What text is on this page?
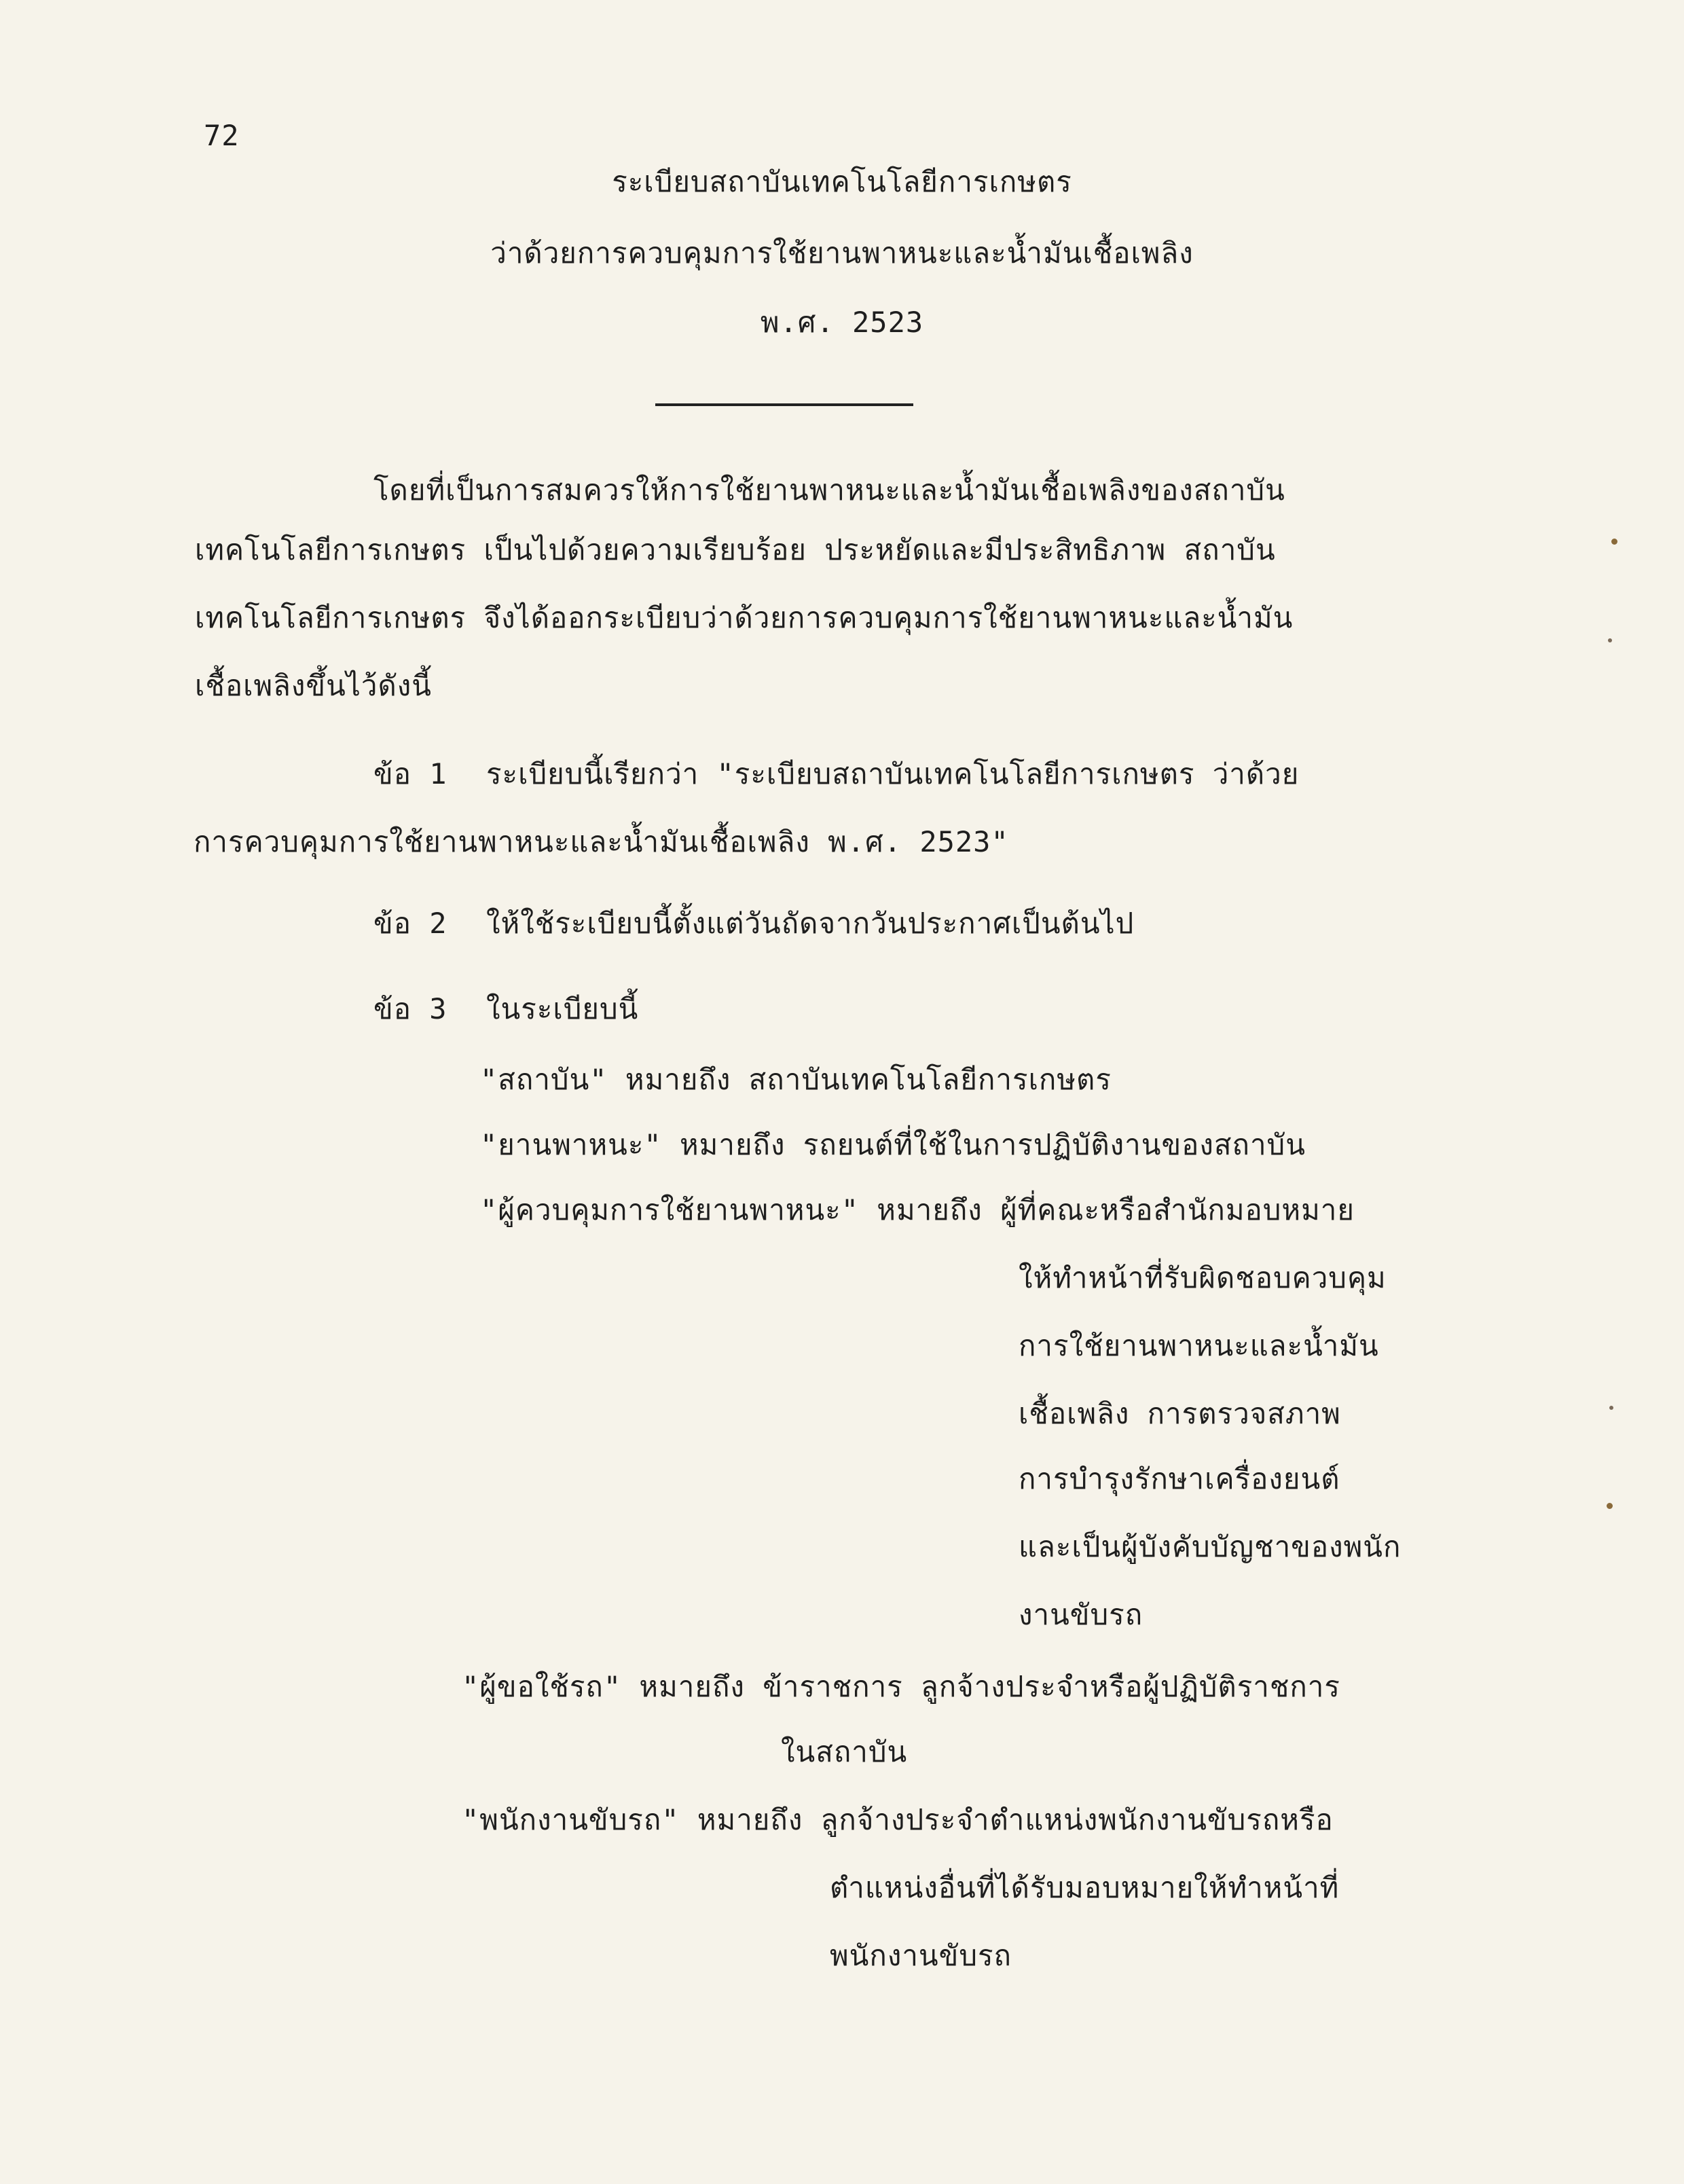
72
ระเบียบสถาบันเทคโนโลยีการเกษตร
ว่าด้วยการควบคุมการใช้ยานพาหนะและน้ำมันเชื้อเพลิง
พ.ศ. 2523
โดยที่เป็นการสมควรให้การใช้ยานพาหนะและน้ำมันเชื้อเพลิงของสถาบัน
เทคโนโลยีการเกษตร เป็นไปด้วยความเรียบร้อย ประหยัดและมีประสิทธิภาพ สถาบัน
เทคโนโลยีการเกษตร จึงได้ออกระเบียบว่าด้วยการควบคุมการใช้ยานพาหนะและน้ำมัน
เชื้อเพลิงขึ้นไว้ดังนี้
ข้อ 1 ระเบียบนี้เรียกว่า "ระเบียบสถาบันเทคโนโลยีการเกษตร ว่าด้วย
การควบคุมการใช้ยานพาหนะและน้ำมันเชื้อเพลิง พ.ศ. 2523"
ข้อ 2 ให้ใช้ระเบียบนี้ตั้งแต่วันถัดจากวันประกาศเป็นต้นไป
ข้อ 3 ในระเบียบนี้
"สถาบัน" หมายถึง สถาบันเทคโนโลยีการเกษตร
"ยานพาหนะ" หมายถึง รถยนต์ที่ใช้ในการปฏิบัติงานของสถาบัน
"ผู้ควบคุมการใช้ยานพาหนะ" หมายถึง ผู้ที่คณะหรือสำนักมอบหมาย
ให้ทำหน้าที่รับผิดชอบควบคุม
การใช้ยานพาหนะและน้ำมัน
เชื้อเพลิง การตรวจสภาพ
การบำรุงรักษาเครื่องยนต์
และเป็นผู้บังคับบัญชาของพนัก
งานขับรถ
"ผู้ขอใช้รถ" หมายถึง ข้าราชการ ลูกจ้างประจำหรือผู้ปฏิบัติราชการ
ในสถาบัน
"พนักงานขับรถ" หมายถึง ลูกจ้างประจำตำแหน่งพนักงานขับรถหรือ
ตำแหน่งอื่นที่ได้รับมอบหมายให้ทำหน้าที่
พนักงานขับรถ
